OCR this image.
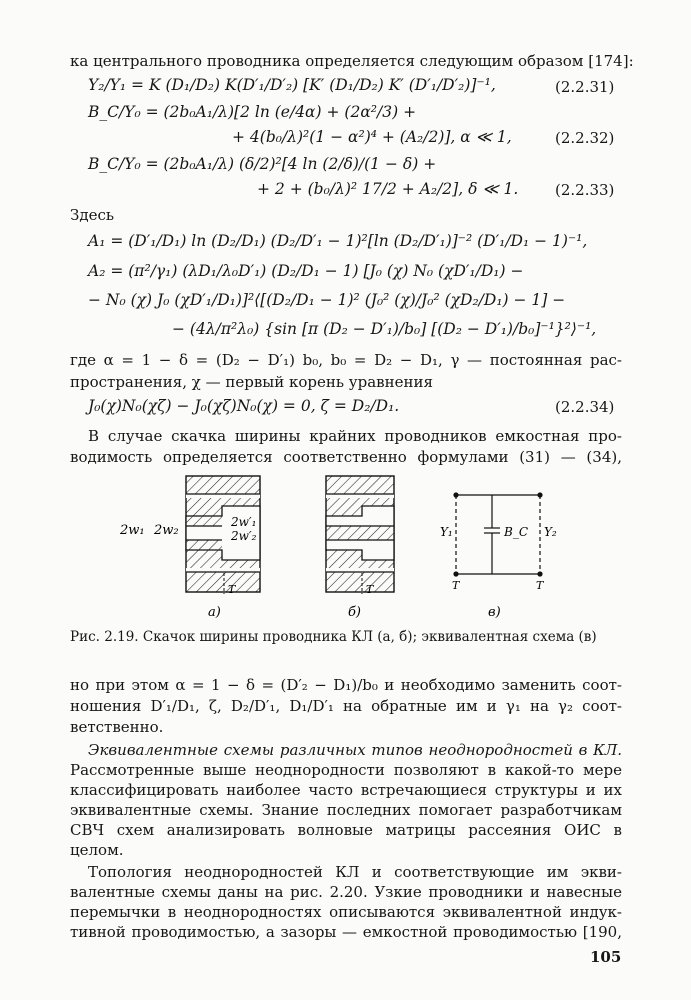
ка центрального проводника определяется следующим образом [174]:
Y₂/Y₁ = K (D₁/D₂) K(D′₁/D′₂) [K′ (D₁/D₂) K′ (D′₁/D′₂)]⁻¹,	(2.2.31)
B_C/Y₀ = (2b₀A₁/λ)[2 ln (e/4α) + (2α²/3) +
+ 4(b₀/λ)²(1 − α²)⁴ + (A₂/2)], α ≪ 1,	(2.2.32)
B_C/Y₀ = (2b₀A₁/λ) (δ/2)²[4 ln (2/δ)/(1 − δ) +
+ 2 + (b₀/λ)² 17/2 + A₂/2], δ ≪ 1. (2.2.33)
Здесь
A₁ = (D′₁/D₁) ln (D₂/D₁) (D₂/D′₁ − 1)²[ln (D₂/D′₁)]⁻² (D′₁/D₁ − 1)⁻¹,
A₂ = (π²/γ₁) (λD₁/λ₀D′₁) (D₂/D₁ − 1) [J₀ (χ) N₀ (χD′₁/D₁) −
− N₀ (χ) J₀ (χD′₁/D₁)]²⟨[(D₂/D₁ − 1)² (J₀² (χ)/J₀² (χD₂/D₁) − 1] −
− (4λ/π²λ₀) {sin [π (D₂ − D′₁)/b₀] [(D₂ − D′₁)/b₀]⁻¹}²⟩⁻¹,
где α = 1 − δ = (D₂ − D′₁) b₀, b₀ = D₂ − D₁, γ — постоянная рас-
пространения, χ — первый корень уравнения
J₀(χ)N₀(χζ) − J₀(χζ)N₀(χ) = 0, ζ = D₂/D₁.	(2.2.34)
В случае скачка ширины крайних проводников емкостная про-
водимость определяется соответственно формулами (31) — (34),
2w₁ 2w₂
2w′₁
2w′₂
T
а)
T
б)
Y₁	B_C Y₂
T	T
в)
Рис. 2.19. Скачок ширины проводника КЛ (а, б); эквивалентная схема (в)
но при этом α = 1 − δ = (D′₂ − D₁)/b₀ и необходимо заменить соот-
ношения D′₁/D₁, ζ, D₂/D′₁, D₁/D′₁ на обратные им и γ₁ на γ₂ соот-
ветственно.
Эквивалентные схемы различных типов неоднородностей в КЛ.
Рассмотренные выше неоднородности позволяют в какой-то мере
классифицировать наиболее часто встречающиеся структуры и их
эквивалентные схемы. Знание последних помогает разработчикам
СВЧ схем анализировать волновые матрицы рассеяния ОИС в
целом.
Топология неоднородностей КЛ и соответствующие им экви-
валентные схемы даны на рис. 2.20. Узкие проводники и навесные
перемычки в неоднородностях описываются эквивалентной индук-
тивной проводимостью, а зазоры — емкостной проводимостью [190,
105
